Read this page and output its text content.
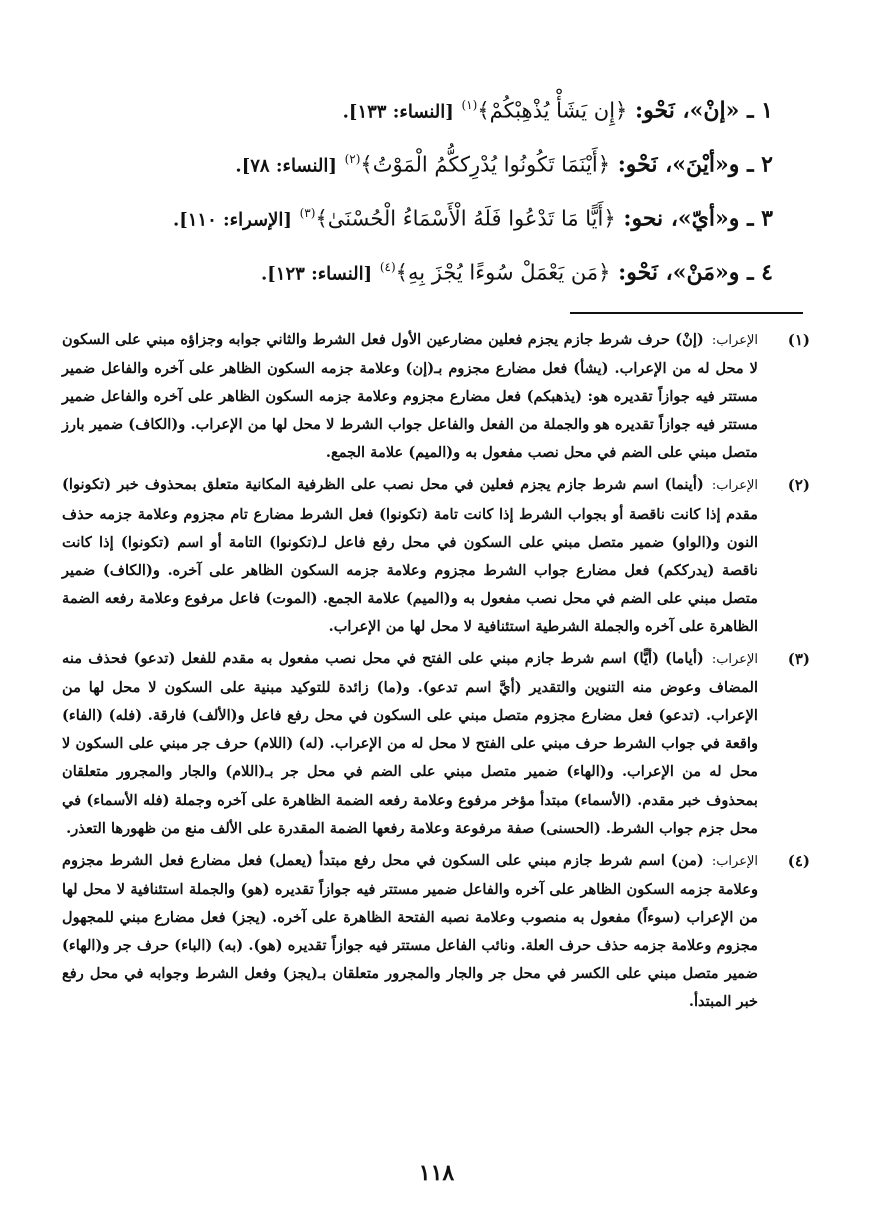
١ ـ «إنْ»، نَحْو: ﴿إِن يَشَأْ يُذْهِبْكُمْ﴾$^{(١)}$ [النساء: ١٣٣].
٢ ـ و«أيْنَ»، نَحْو: ﴿أَيْنَمَا تَكُونُوا يُدْرِككُّمُ الْمَوْتُ﴾$^{(٢)}$ [النساء: ٧٨].
٣ ـ و«أيّ»، نحو: ﴿أَيًّا مَا تَدْعُوا فَلَهُ الْأَسْمَاءُ الْحُسْنَىٰ﴾$^{(٣)}$ [الإسراء: ١١٠].
٤ ـ و«مَنْ»، نَحْو: ﴿مَن يَعْمَلْ سُوءًا يُجْزَ بِهِ﴾$^{(٤)}$ [النساء: ١٢٣].
(١)
الإعراب:(إنْ) حرف شرط جازم يجزم فعلين مضارعين الأول فعل الشرط والثاني جوابه وجزاؤه مبني على السكون لا محل له من الإعراب. (يشأ) فعل مضارع مجزوم بـ(إن) وعلامة جزمه السكون الظاهر على آخره والفاعل ضمير مستتر فيه جوازاً تقديره هو: (يذهبكم) فعل مضارع مجزوم وعلامة جزمه السكون الظاهر على آخره والفاعل ضمير مستتر فيه جوازاً تقديره هو والجملة من الفعل والفاعل جواب الشرط لا محل لها من الإعراب. و(الكاف) ضمير بارز متصل مبني على الضم في محل نصب مفعول به و(الميم) علامة الجمع.
(٢)
الإعراب:(أينما) اسم شرط جازم يجزم فعلين في محل نصب على الظرفية المكانية متعلق بمحذوف خبر (تكونوا) مقدم إذا كانت ناقصة أو بجواب الشرط إذا كانت تامة (تكونوا) فعل الشرط مضارع تام مجزوم وعلامة جزمه حذف النون و(الواو) ضمير متصل مبني على السكون في محل رفع فاعل لـ(تكونوا) التامة أو اسم (تكونوا) إذا كانت ناقصة (يدرككم) فعل مضارع جواب الشرط مجزوم وعلامة جزمه السكون الظاهر على آخره. و(الكاف) ضمير متصل مبني على الضم في محل نصب مفعول به و(الميم) علامة الجمع. (الموت) فاعل مرفوع وعلامة رفعه الضمة الظاهرة على آخره والجملة الشرطية استئنافية لا محل لها من الإعراب.
(٣)
الإعراب:(أياما) (أيًّا) اسم شرط جازم مبني على الفتح في محل نصب مفعول به مقدم للفعل (تدعو) فحذف منه المضاف وعوض منه التنوين والتقدير (أيَّ اسم تدعو). و(ما) زائدة للتوكيد مبنية على السكون لا محل لها من الإعراب. (تدعو) فعل مضارع مجزوم متصل مبني على السكون في محل رفع فاعل و(الألف) فارقة. (فله) (الفاء) واقعة في جواب الشرط حرف مبني على الفتح لا محل له من الإعراب. (له) (اللام) حرف جر مبني على السكون لا محل له من الإعراب. و(الهاء) ضمير متصل مبني على الضم في محل جر بـ(اللام) والجار والمجرور متعلقان بمحذوف خبر مقدم. (الأسماء) مبتدأ مؤخر مرفوع وعلامة رفعه الضمة الظاهرة على آخره وجملة (فله الأسماء) في محل جزم جواب الشرط. (الحسنى) صفة مرفوعة وعلامة رفعها الضمة المقدرة على الألف منع من ظهورها التعذر.
(٤)
الإعراب:(من) اسم شرط جازم مبني على السكون في محل رفع مبتدأ (يعمل) فعل مضارع فعل الشرط مجزوم وعلامة جزمه السكون الظاهر على آخره والفاعل ضمير مستتر فيه جوازاً تقديره (هو) والجملة استئنافية لا محل لها من الإعراب (سوءاً) مفعول به منصوب وعلامة نصبه الفتحة الظاهرة على آخره. (يجز) فعل مضارع مبني للمجهول مجزوم وعلامة جزمه حذف حرف العلة. ونائب الفاعل مستتر فيه جوازاً تقديره (هو). (به) (الباء) حرف جر و(الهاء) ضمير متصل مبني على الكسر في محل جر والجار والمجرور متعلقان بـ(يجز) وفعل الشرط وجوابه في محل رفع خبر المبتدأ.
١١٨
